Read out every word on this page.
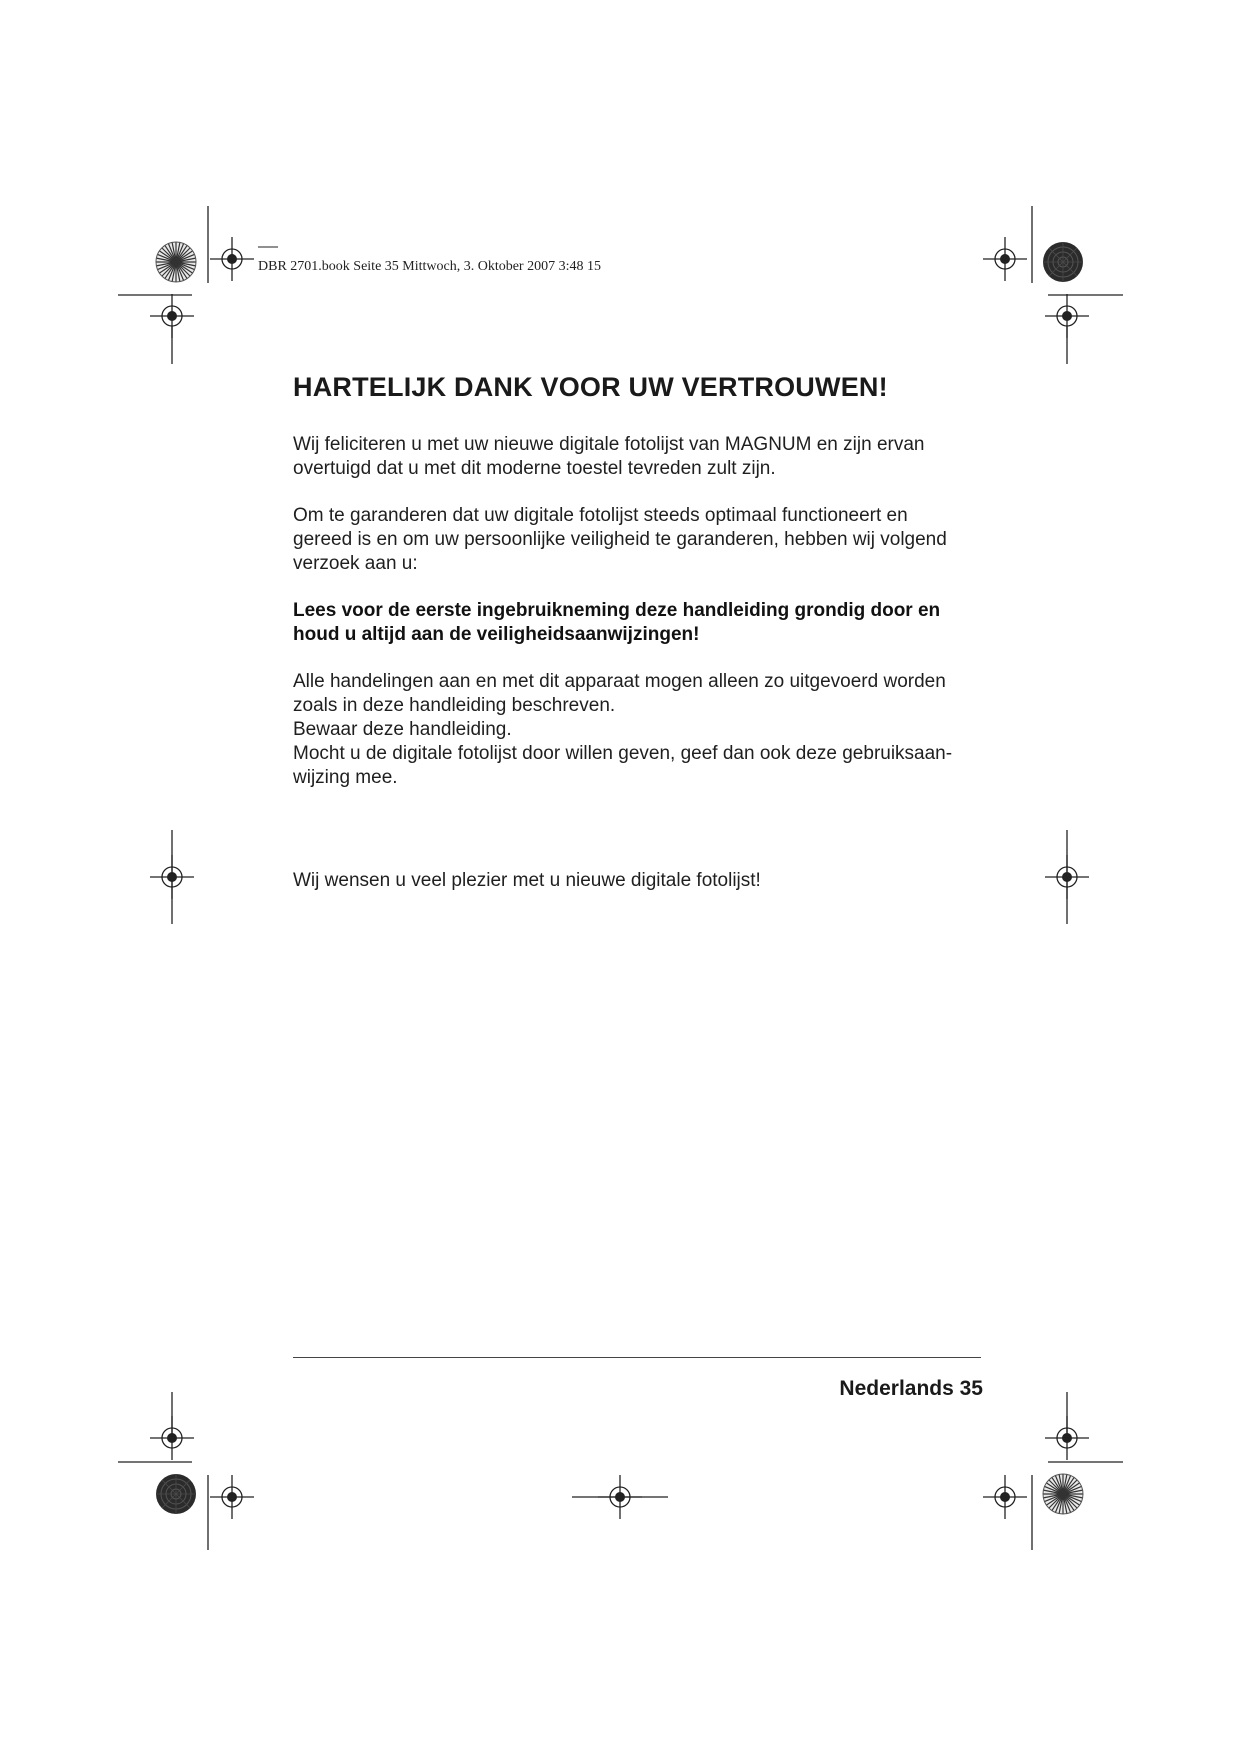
DBR 2701.book Seite 35 Mittwoch, 3. Oktober 2007 3:48 15
HARTELIJK DANK VOOR UW VERTROUWEN!

Wij feliciteren u met uw nieuwe digitale fotolijst van MAGNUM en zijn ervan
overtuigd dat u met dit moderne toestel tevreden zult zijn.

Om te garanderen dat uw digitale fotolijst steeds optimaal functioneert en
gereed is en om uw persoonlijke veiligheid te garanderen, hebben wij volgend
verzoek aan u:

Lees voor de eerste ingebruikneming deze handleiding grondig door en
houd u altijd aan de veiligheidsaanwijzingen!

Alle handelingen aan en met dit apparaat mogen alleen zo uitgevoerd worden
zoals in deze handleiding beschreven.
Bewaar deze handleiding.
Mocht u de digitale fotolijst door willen geven, geef dan ook deze gebruiksaan-
wijzing mee.

Wij wensen u veel plezier met u nieuwe digitale fotolijst!

Nederlands 35
